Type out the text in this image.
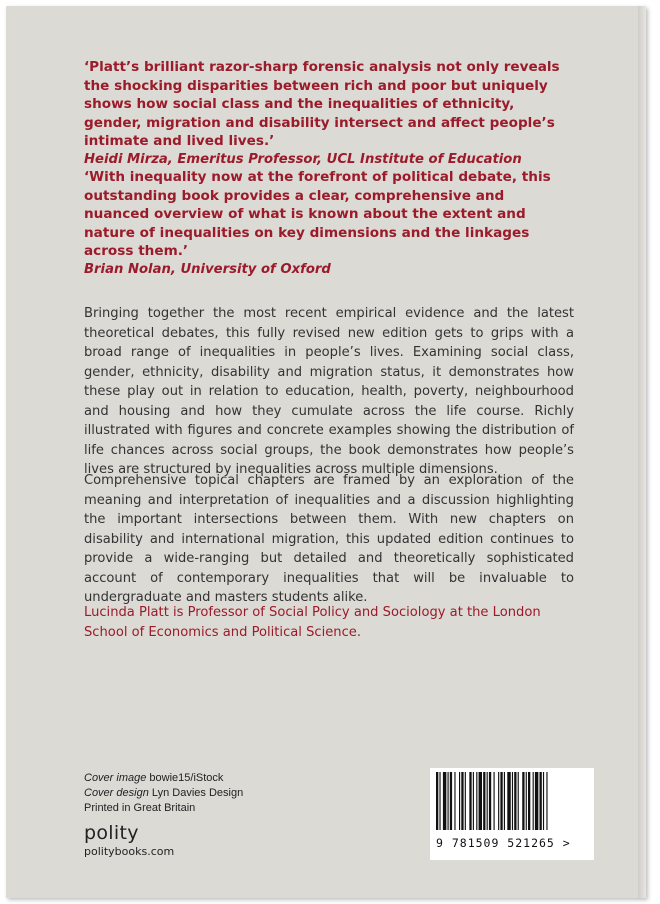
‘Platt’s brilliant razor-sharp forensic analysis not only reveals the shocking disparities between rich and poor but uniquely shows how social class and the inequalities of ethnicity, gender, migration and disability intersect and affect people’s intimate and lived lives.’

Heidi Mirza, Emeritus Professor, UCL Institute of Education

‘With inequality now at the forefront of political debate, this outstanding book provides a clear, comprehensive and nuanced overview of what is known about the extent and nature of inequalities on key dimensions and the linkages across them.’

Brian Nolan, University of Oxford

Bringing together the most recent empirical evidence and the latest theoretical debates, this fully revised new edition gets to grips with a broad range of inequalities in people’s lives. Examining social class, gender, ethnicity, disability and migration status, it demonstrates how these play out in relation to education, health, poverty, neighbourhood and housing and how they cumulate across the life course. Richly illustrated with figures and concrete examples showing the distribution of life chances across social groups, the book demonstrates how people’s lives are structured by inequalities across multiple dimensions.

Comprehensive topical chapters are framed by an exploration of the meaning and interpretation of inequalities and a discussion highlighting the important intersections between them. With new chapters on disability and international migration, this updated edition continues to provide a wide-ranging but detailed and theoretically sophisticated account of contemporary inequalities that will be invaluable to undergraduate and masters students alike.

Lucinda Platt is Professor of Social Policy and Sociology at the London School of Economics and Political Science.

Cover image bowie15/iStock
Cover design Lyn Davies Design
Printed in Great Britain
polity
politybooks.com
9 781509 521265 >
